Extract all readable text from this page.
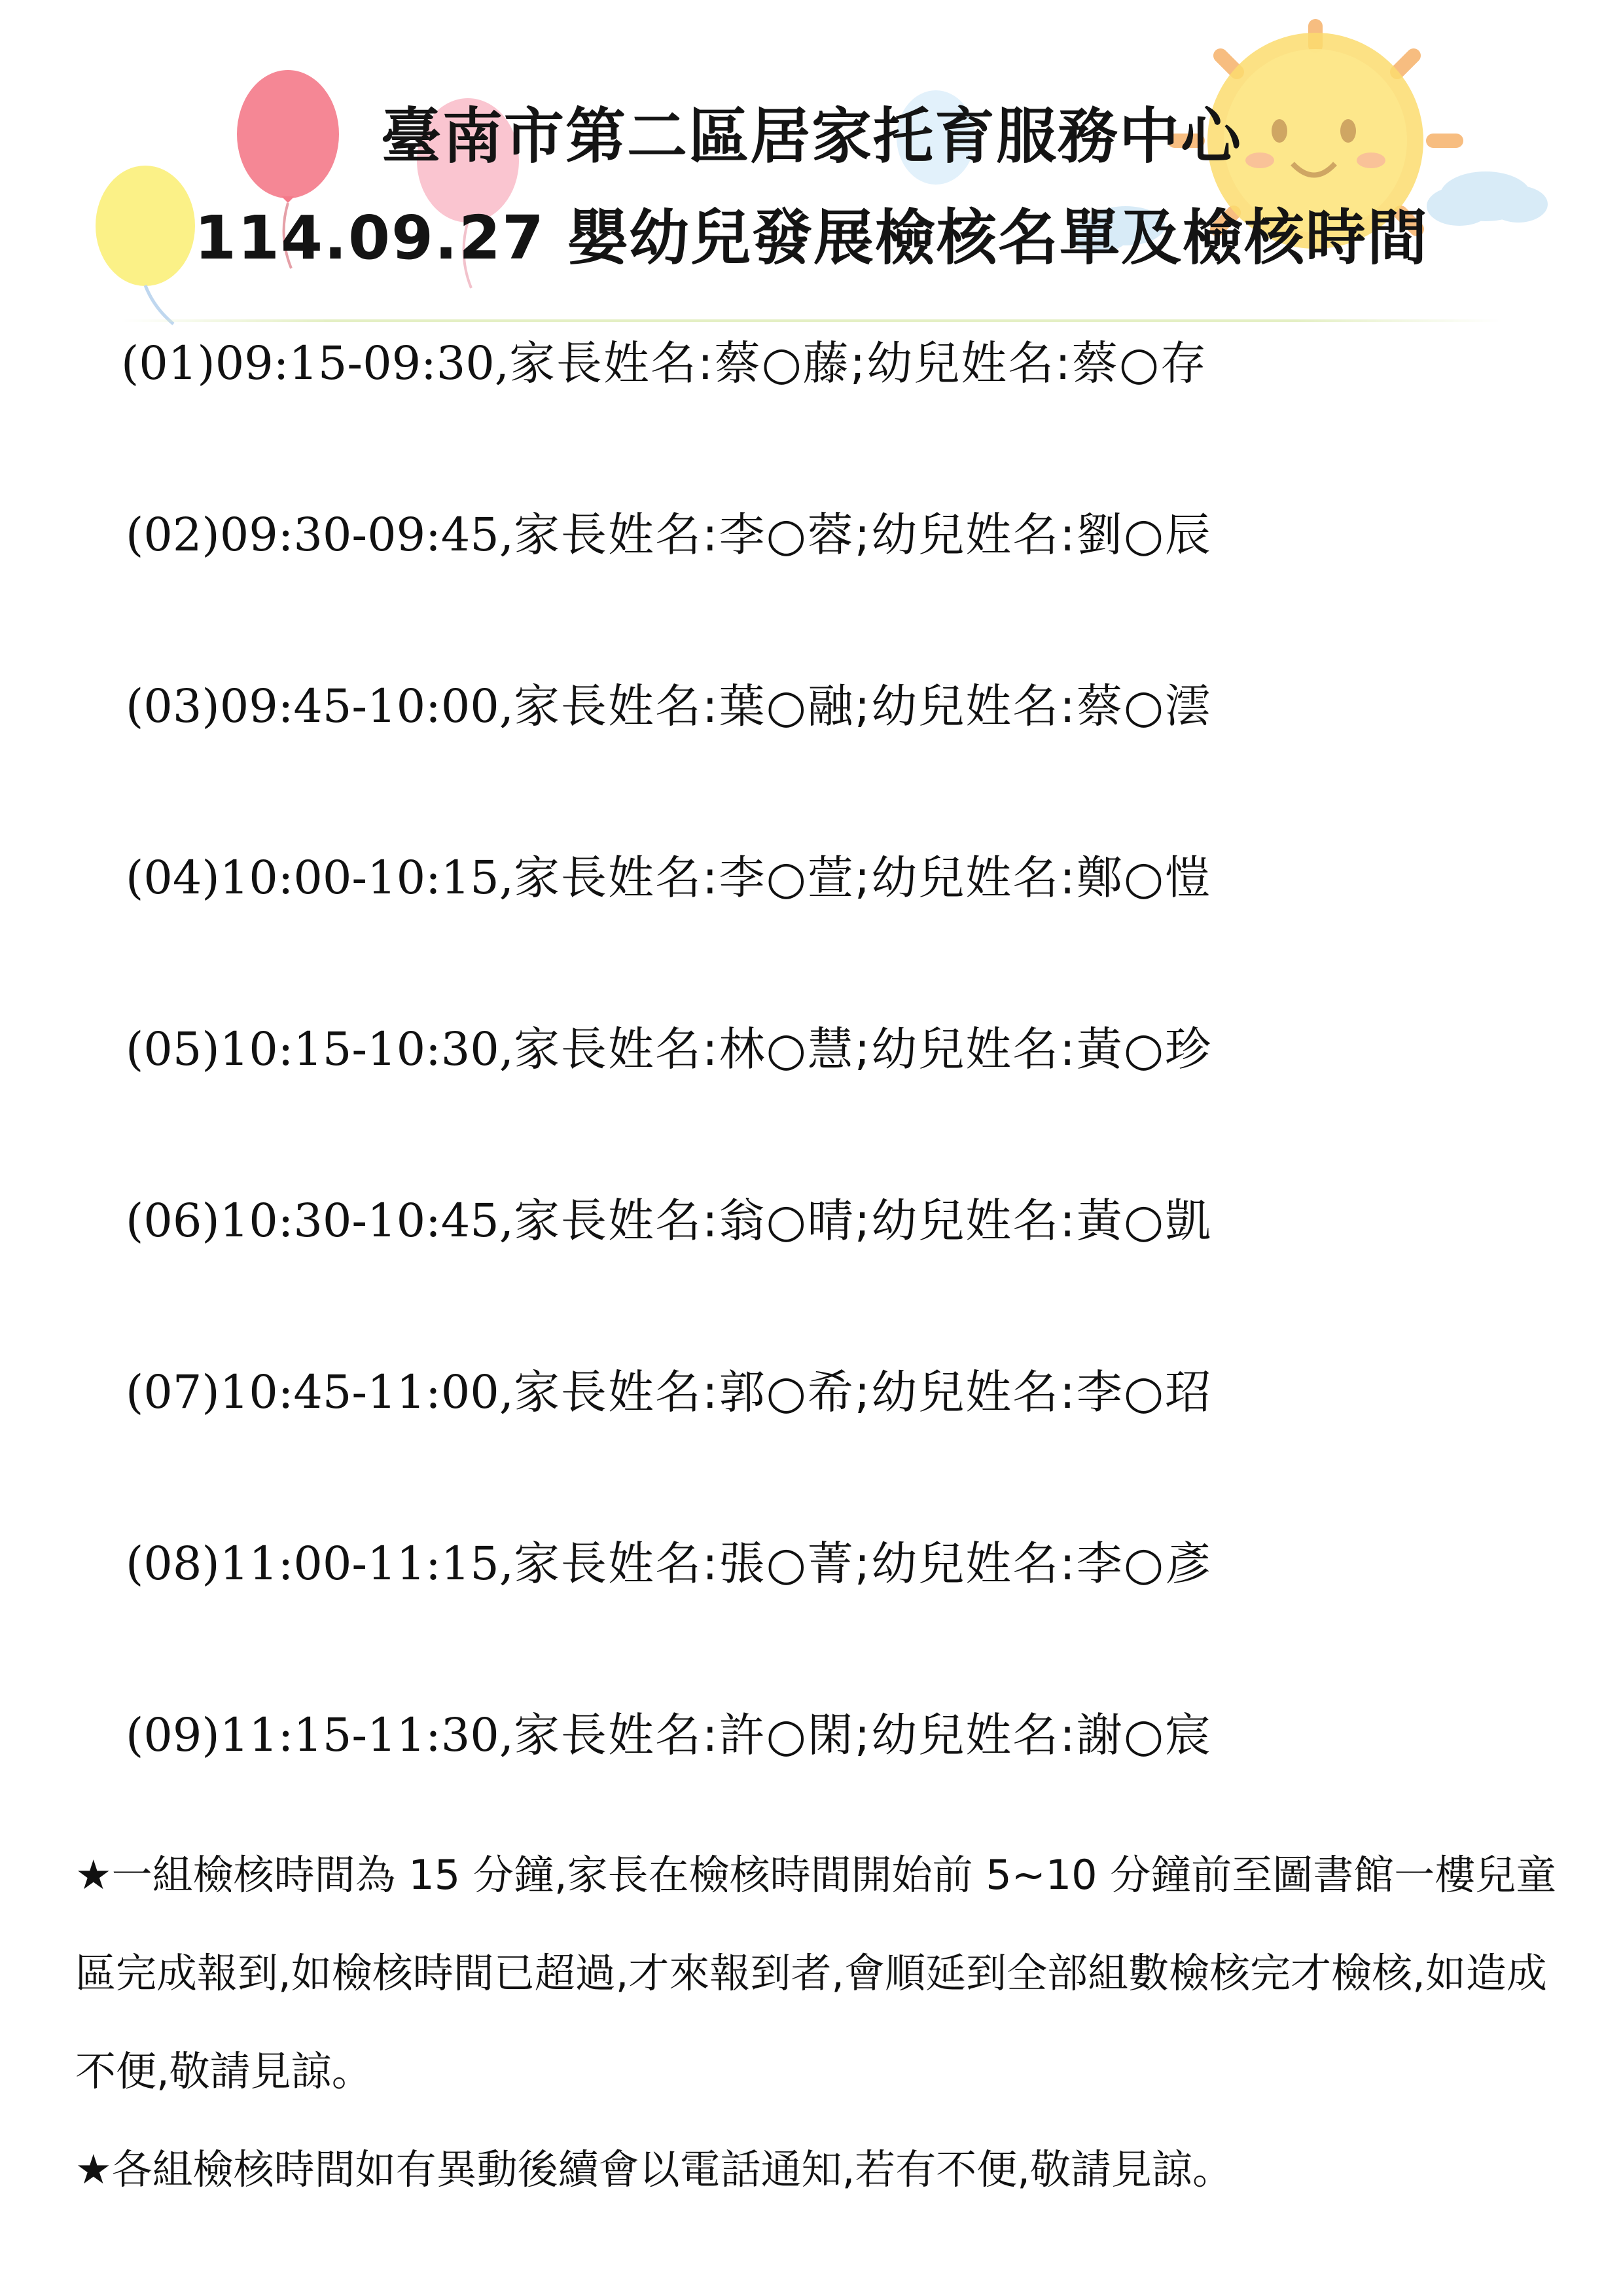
臺南市第二區居家托育服務中心
114.09.27 嬰幼兒發展檢核名單及檢核時間
(01)09:15-09:30,家長姓名:蔡○藤;幼兒姓名:蔡○存
(02)09:30-09:45,家長姓名:李○蓉;幼兒姓名:劉○辰
(03)09:45-10:00,家長姓名:葉○融;幼兒姓名:蔡○澐
(04)10:00-10:15,家長姓名:李○萱;幼兒姓名:鄭○愷
(05)10:15-10:30,家長姓名:林○慧;幼兒姓名:黃○珍
(06)10:30-10:45,家長姓名:翁○晴;幼兒姓名:黃○凱
(07)10:45-11:00,家長姓名:郭○希;幼兒姓名:李○玿
(08)11:00-11:15,家長姓名:張○菁;幼兒姓名:李○彥
(09)11:15-11:30,家長姓名:許○閑;幼兒姓名:謝○宸
★一組檢核時間為 15 分鐘,家長在檢核時間開始前 5~10 分鐘前至圖書館一樓兒童區完成報到,如檢核時間已超過,才來報到者,會順延到全部組數檢核完才檢核,如造成不便,敬請見諒。
★各組檢核時間如有異動後續會以電話通知,若有不便,敬請見諒。
